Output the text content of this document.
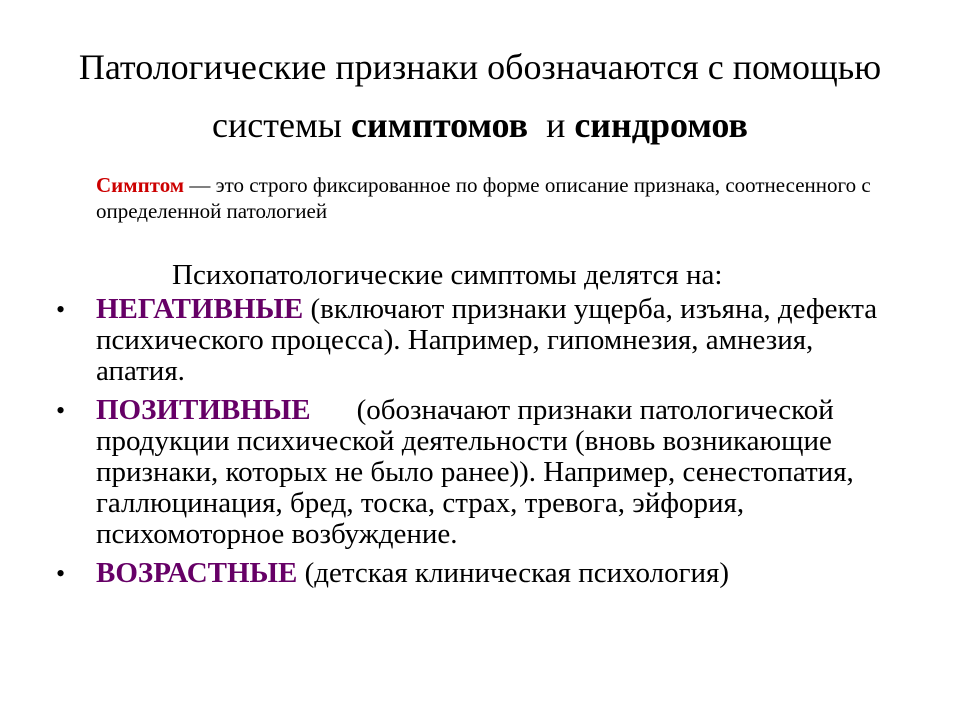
Патологические признаки обозначаются с помощью
системы симптомов  и синдромов
Симптом — это строго фиксированное по форме описание признака, соотнесенного с определенной патологией
Психопатологические симптомы делятся на:
• НЕГАТИВНЫЕ (включают признаки ущерба, изъяна, дефекта психического процесса). Например, гипомнезия, амнезия, апатия.
• ПОЗИТИВНЫЕ (обозначают признаки патологической продукции психической деятельности (вновь возникающие признаки, которых не было ранее)). Например, сенестопатия, галлюцинация, бред, тоска, страх, тревога, эйфория, психомоторное возбуждение.
• ВОЗРАСТНЫЕ (детская клиническая психология)
